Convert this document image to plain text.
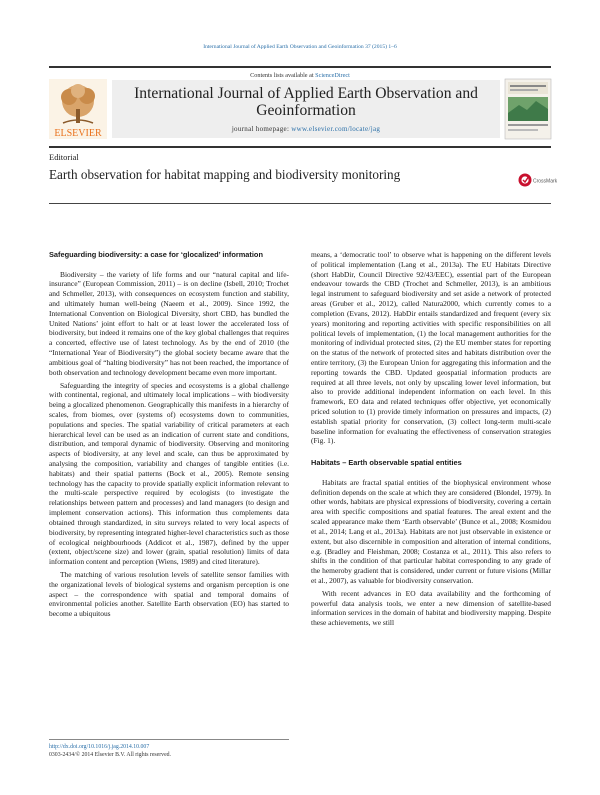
International Journal of Applied Earth Observation and Geoinformation 37 (2015) 1–6
Contents lists available at ScienceDirect
ELSEVIER
International Journal of Applied Earth Observation and Geoinformation
journal homepage: www.elsevier.com/locate/jag
Editorial
Earth observation for habitat mapping and biodiversity monitoring	CrossMark
Safeguarding biodiversity: a case for ‘glocalized’ information

Biodiversity – the variety of life forms and our “natural capital and life-insurance” (European Commission, 2011) – is on decline (Isbell, 2010; Trochet and Schmeller, 2013), with consequences on ecosystem function and stability, and ultimately human well-being (Naeem et al., 2009). Since 1992, the International Convention on Biological Diversity, short CBD, has bundled the United Nations’ joint effort to halt or at least lower the accelerated loss of biodiversity, but indeed it remains one of the key global challenges that requires a concerted, effective use of latest technology. As by the end of 2010 (the “International Year of Biodiversity”) the global society became aware that the ambitious goal of “halting biodiversity” has not been reached, the importance of both observation and technology development became even more important.

Safeguarding the integrity of species and ecosystems is a global challenge with continental, regional, and ultimately local implications – with biodiversity being a glocalized phenomenon. Geographically this manifests in a hierarchy of scales, from biomes, over (systems of) ecosystems down to communities, populations and species. The spatial variability of critical parameters at each hierarchical level can be used as an indication of current state and conditions, distribution, and temporal dynamic of biodiversity. Observing and monitoring aspects of biodiversity, at any level and scale, can thus be approximated by analysing the composition, variability and changes of tangible entities (i.e. habitats) and their spatial patterns (Bock et al., 2005). Remote sensing technology has the capacity to provide spatially explicit information relevant to the multi-scale perspective required by ecologists (to investigate the relationships between pattern and processes) and land managers (to design and implement conservation actions). This information thus complements data obtained through standardized, in situ surveys related to very local aspects of biodiversity, by representing integrated higher-level characteristics such as those of ecological neighbourhoods (Addicot et al., 1987), defined by the upper (extent, object/scene size) and lower (grain, spatial resolution) limits of data information content and perception (Wiens, 1989) and cited literature).

The matching of various resolution levels of satellite sensor families with the organizational levels of biological systems and organism perception is one aspect – the correspondence with spatial and temporal domains of environmental policies another. Satellite Earth observation (EO) has started to become a ubiquitous

means, a ‘democratic tool’ to observe what is happening on the different levels of political implementation (Lang et al., 2013a). The EU Habitats Directive (short HabDir, Council Directive 92/43/EEC), essential part of the European endeavour towards the CBD (Trochet and Schmeller, 2013), is an ambitious legal instrument to safeguard biodiversity and set aside a network of protected areas (Gruber et al., 2012), called Natura2000, which currently comes to a completion (Evans, 2012). HabDir entails standardized and frequent (every six years) monitoring and reporting activities with specific responsibilities on all political levels of implementation, (1) the local management authorities for the monitoring of individual protected sites, (2) the EU member states for reporting on the status of the network of protected sites and habitats distribution over the entire territory, (3) the European Union for aggregating this information and the reporting towards the CBD. Updated geospatial information products are required at all three levels, not only by upscaling lower level information, but also to provide additional independent information on each level. In this framework, EO data and related techniques offer objective, yet economically priced solution to (1) provide timely information on pressures and impacts, (2) establish spatial priority for conservation, (3) collect long-term multi-scale baseline information for evaluating the effectiveness of conservation strategies (Fig. 1).

Habitats – Earth observable spatial entities

Habitats are fractal spatial entities of the biophysical environment whose definition depends on the scale at which they are considered (Blondel, 1979). In other words, habitats are physical expressions of biodiversity, covering a certain area with specific compositions and spatial features. The areal extent and the scaled appearance make them ‘Earth observable’ (Bunce et al., 2008; Kosmidou et al., 2014; Lang et al., 2013a). Habitats are not just observable in existence or extent, but also discernible in composition and alteration of internal conditions, e.g. (Bradley and Fleishman, 2008; Costanza et al., 2011). This also refers to shifts in the condition of that particular habitat corresponding to any grade of the hemeroby gradient that is considered, under current or future visions (Millar et al., 2007), as valuable for biodiversity conservation.

With recent advances in EO data availability and the forthcoming of powerful data analysis tools, we enter a new dimension of satellite-based information services in the domain of habitat and biodiversity mapping. Despite these achievements, we still

http://dx.doi.org/10.1016/j.jag.2014.10.007
0303-2434/© 2014 Elsevier B.V. All rights reserved.
